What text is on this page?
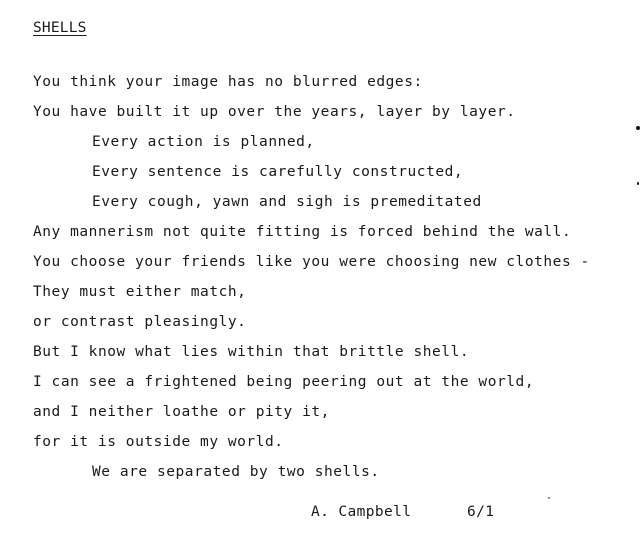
SHELLS
You think your image has no blurred edges:
You have built it up over the years, layer by layer.
Every action is planned,
Every sentence is carefully constructed,
Every cough, yawn and sigh is premeditated
Any mannerism not quite fitting is forced behind the wall.
You choose your friends like you were choosing new clothes -
They must either match,
or contrast pleasingly.
But I know what lies within that brittle shell.
I can see a frightened being peering out at the world,
and I neither loathe or pity it,
for it is outside my world.
We are separated by two shells.
A. Campbell	6/1
